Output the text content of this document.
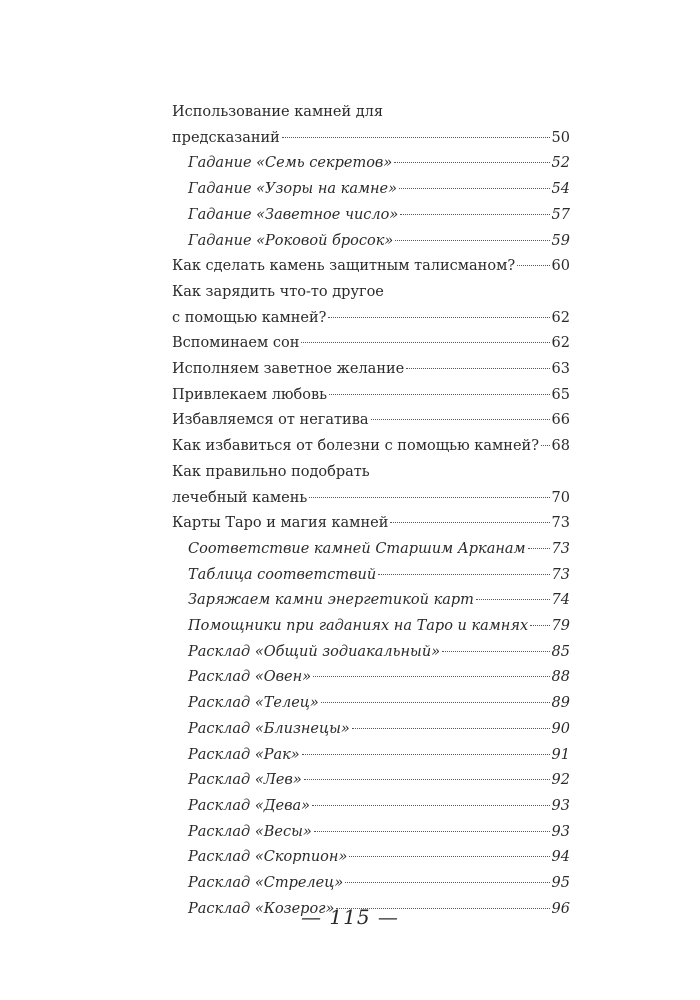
Использование камней для
предсказаний	50
Гадание «Семь секретов»	52
Гадание «Узоры на камне»	54
Гадание «Заветное число»	57
Гадание «Роковой бросок»	59
Как сделать камень защитным талисманом?	60
Как зарядить что-то другое
с помощью камней?	62
Вспоминаем сон	62
Исполняем заветное желание	63
Привлекаем любовь	65
Избавляемся от негатива	66
Как избавиться от болезни с помощью камней? 68
Как правильно подобрать
лечебный камень	70
Карты Таро и магия камней	73
Соответствие камней Старшим Арканам 73
Таблица соответствий	73
Заряжаем камни энергетикой карт	74
Помощники при гаданиях на Таро и камнях 79
Расклад «Общий зодиакальный»	85
Расклад «Овен»	88
Расклад «Телец»	89
Расклад «Близнецы»	90
Расклад «Рак»	91
Расклад «Лев»	92
Расклад «Дева»	93
Расклад «Весы»	93
Расклад «Скорпион»	94
Расклад «Стрелец»	95
Расклад «Козерог»	96
— 115 —
